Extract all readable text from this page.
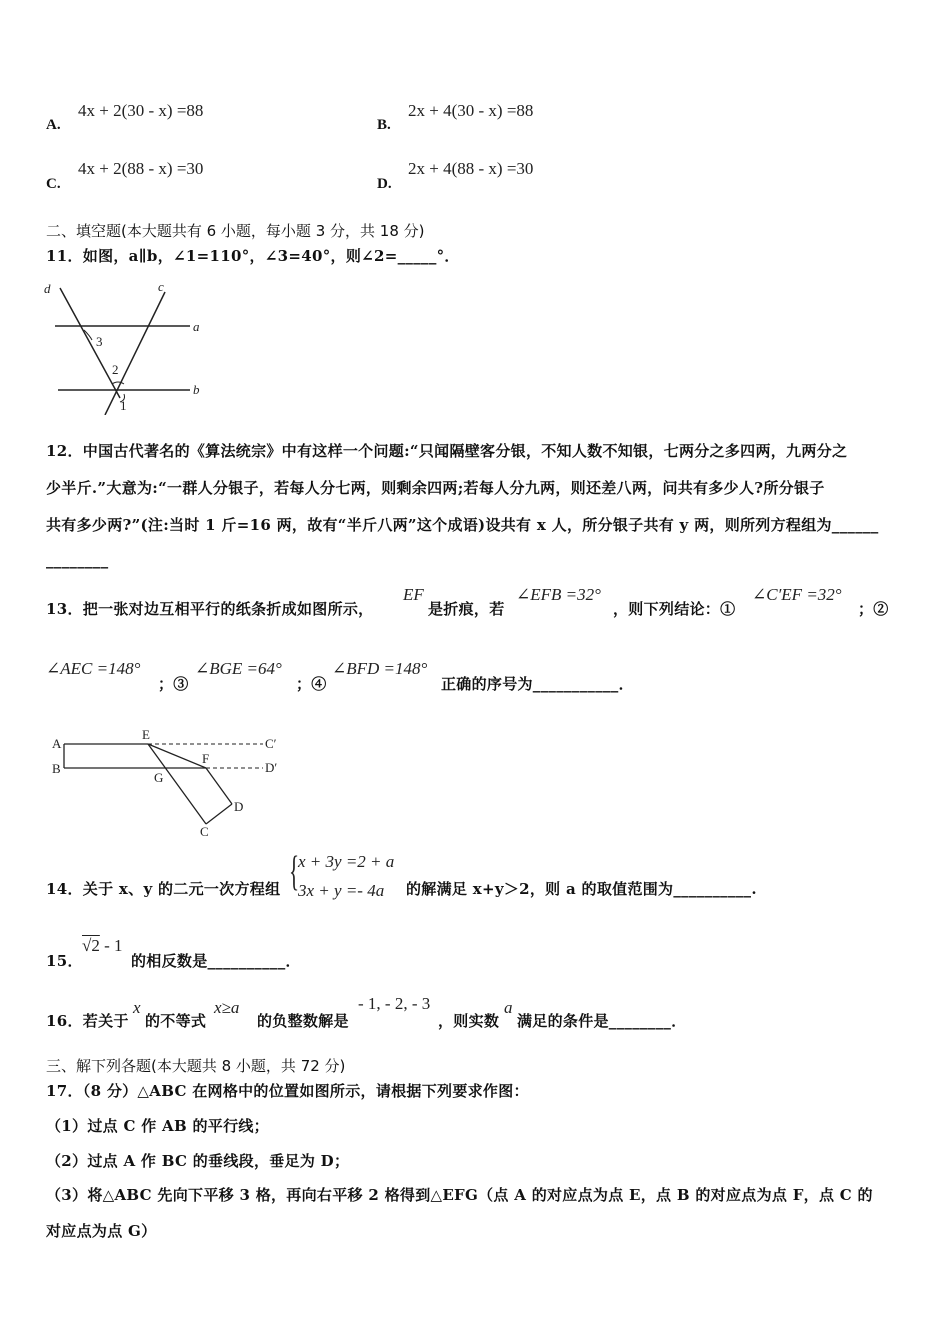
A.
4x + 2(30 - x) =88
B.
2x + 4(30 - x) =88
C.
4x + 2(88 - x) =30
D.
2x + 4(88 - x) =30
二、填空题(本大题共有 6 小题，每小题 3 分，共 18 分)
11．如图，a∥b，∠1=110°，∠3=40°，则∠2=_____°．
d	c
a
b
3
2
1
12．中国古代著名的《算法统宗》中有这样一个问题:“只闻隔壁客分银，不知人数不知银，七两分之多四两，九两分之
少半斤.”大意为:“一群人分银子，若每人分七两，则剩余四两;若每人分九两，则还差八两，问共有多少人?所分银子
共有多少两?”(注:当时 1 斤=16 两，故有“半斤八两”这个成语)设共有 x 人，所分银子共有 y 两，则所列方程组为______
________
13．把一张对边互相平行的纸条折成如图所示，
EF
是折痕，若
∠EFB =32°
，则下列结论：①
∠C′EF =32°
；②
∠AEC =148°
；③
∠BGE =64°
；④
∠BFD =148°
正确的序号为___________．
A
B
E
C′
D′
F
G
D
C
14．关于 x、y 的二元一次方程组 {
x + 3y =2 + a
3x + y =- 4a 的解满足 x+y＞2，则 a 的取值范围为__________.
15．
√2 - 1
的相反数是__________．
16．若关于
x
的不等式
x≥a
的负整数解是
- 1, - 2, - 3
，则实数
a
满足的条件是________．
三、解下列各题(本大题共 8 小题，共 72 分)
17．（8 分）△ABC 在网格中的位置如图所示，请根据下列要求作图：
（1）过点 C 作 AB 的平行线；
（2）过点 A 作 BC 的垂线段，垂足为 D；
（3）将△ABC 先向下平移 3 格，再向右平移 2 格得到△EFG（点 A 的对应点为点 E，点 B 的对应点为点 F，点 C 的
对应点为点 G）
